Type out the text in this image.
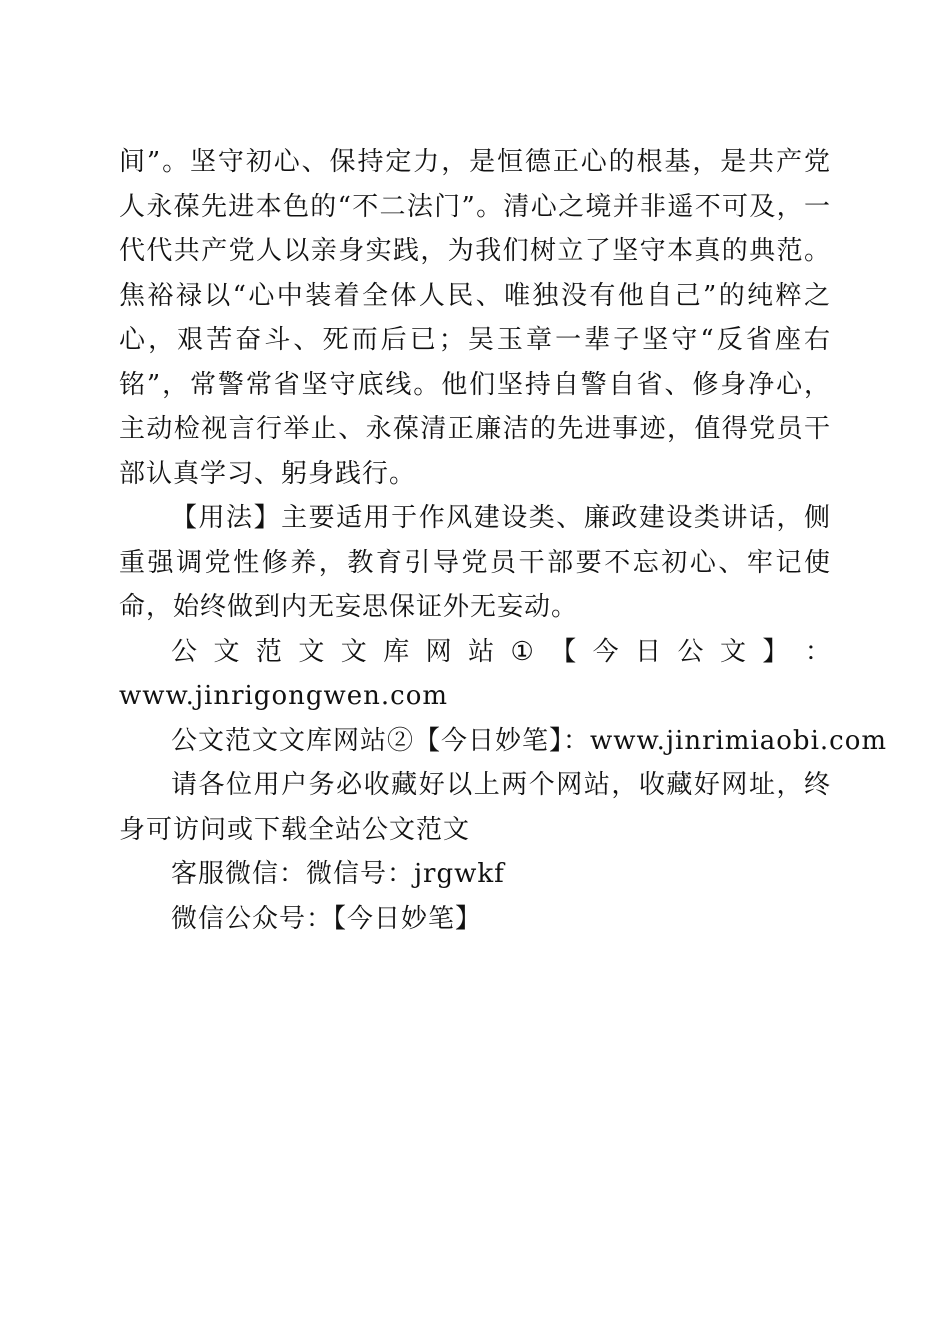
间”。坚守初心、保持定力，是恒德正心的根基，是共产党人永葆先进本色的“不二法门”。清心之境并非遥不可及，一代代共产党人以亲身实践，为我们树立了坚守本真的典范。焦裕禄以“心中装着全体人民、唯独没有他自己”的纯粹之心，艰苦奋斗、死而后已；吴玉章一辈子坚守“反省座右铭”，常警常省坚守底线。他们坚持自警自省、修身净心，主动检视言行举止、永葆清正廉洁的先进事迹，值得党员干部认真学习、躬身践行。

【用法】主要适用于作风建设类、廉政建设类讲话，侧重强调党性修养，教育引导党员干部要不忘初心、牢记使命，始终做到内无妄思保证外无妄动。

公 文 范 文 文 库 网 站 ① 【 今 日 公 文 】 ：

www.jinrigongwen.com

公文范文文库网站②【今日妙笔】：www.jinrimiaobi.com

请各位用户务必收藏好以上两个网站，收藏好网址，终身可访问或下载全站公文范文

客服微信：微信号：jrgwkf

微信公众号：【今日妙笔】
